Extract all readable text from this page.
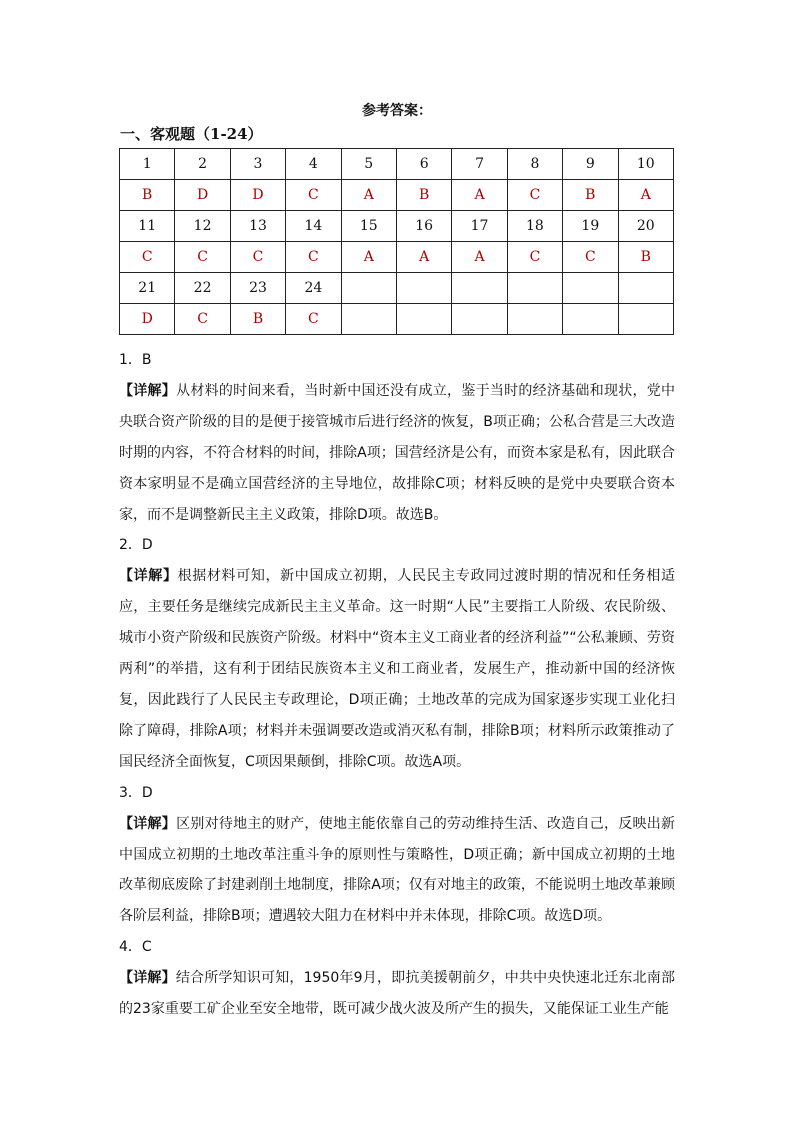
参考答案：
一、客观题（1-24）
1	2	3	4	5	6	7	8	9	10
B	D	D	C	A	B	A	C	B	A
11	12	13	14	15	16	17	18	19	20
C	C	C	C	A	A	A	C	C	B
21	22	23	24						
D	C	B	C						

1．B

【详解】从材料的时间来看，当时新中国还没有成立，鉴于当时的经济基础和现状，党中央联合资产阶级的目的是便于接管城市后进行经济的恢复，B项正确；公私合营是三大改造时期的内容，不符合材料的时间，排除A项；国营经济是公有，而资本家是私有，因此联合资本家明显不是确立国营经济的主导地位，故排除C项；材料反映的是党中央要联合资本家，而不是调整新民主主义政策，排除D项。故选B。

2．D

【详解】根据材料可知，新中国成立初期，人民民主专政同过渡时期的情况和任务相适应，主要任务是继续完成新民主主义革命。这一时期“人民”主要指工人阶级、农民阶级、城市小资产阶级和民族资产阶级。材料中“资本主义工商业者的经济利益”“公私兼顾、劳资两利”的举措，这有利于团结民族资本主义和工商业者，发展生产，推动新中国的经济恢复，因此践行了人民民主专政理论，D项正确；土地改革的完成为国家逐步实现工业化扫除了障碍，排除A项；材料并未强调要改造或消灭私有制，排除B项；材料所示政策推动了国民经济全面恢复，C项因果颠倒，排除C项。故选A项。

3．D

【详解】区别对待地主的财产，使地主能依靠自己的劳动维持生活、改造自己，反映出新中国成立初期的土地改革注重斗争的原则性与策略性，D项正确；新中国成立初期的土地改革彻底废除了封建剥削土地制度，排除A项；仅有对地主的政策，不能说明土地改革兼顾各阶层利益，排除B项；遭遇较大阻力在材料中并未体现，排除C项。故选D项。

4．C

【详解】结合所学知识可知，1950年9月，即抗美援朝前夕，中共中央快速北迁东北南部的23家重要工矿企业至安全地带，既可减少战火波及所产生的损失，又能保证工业生产能
